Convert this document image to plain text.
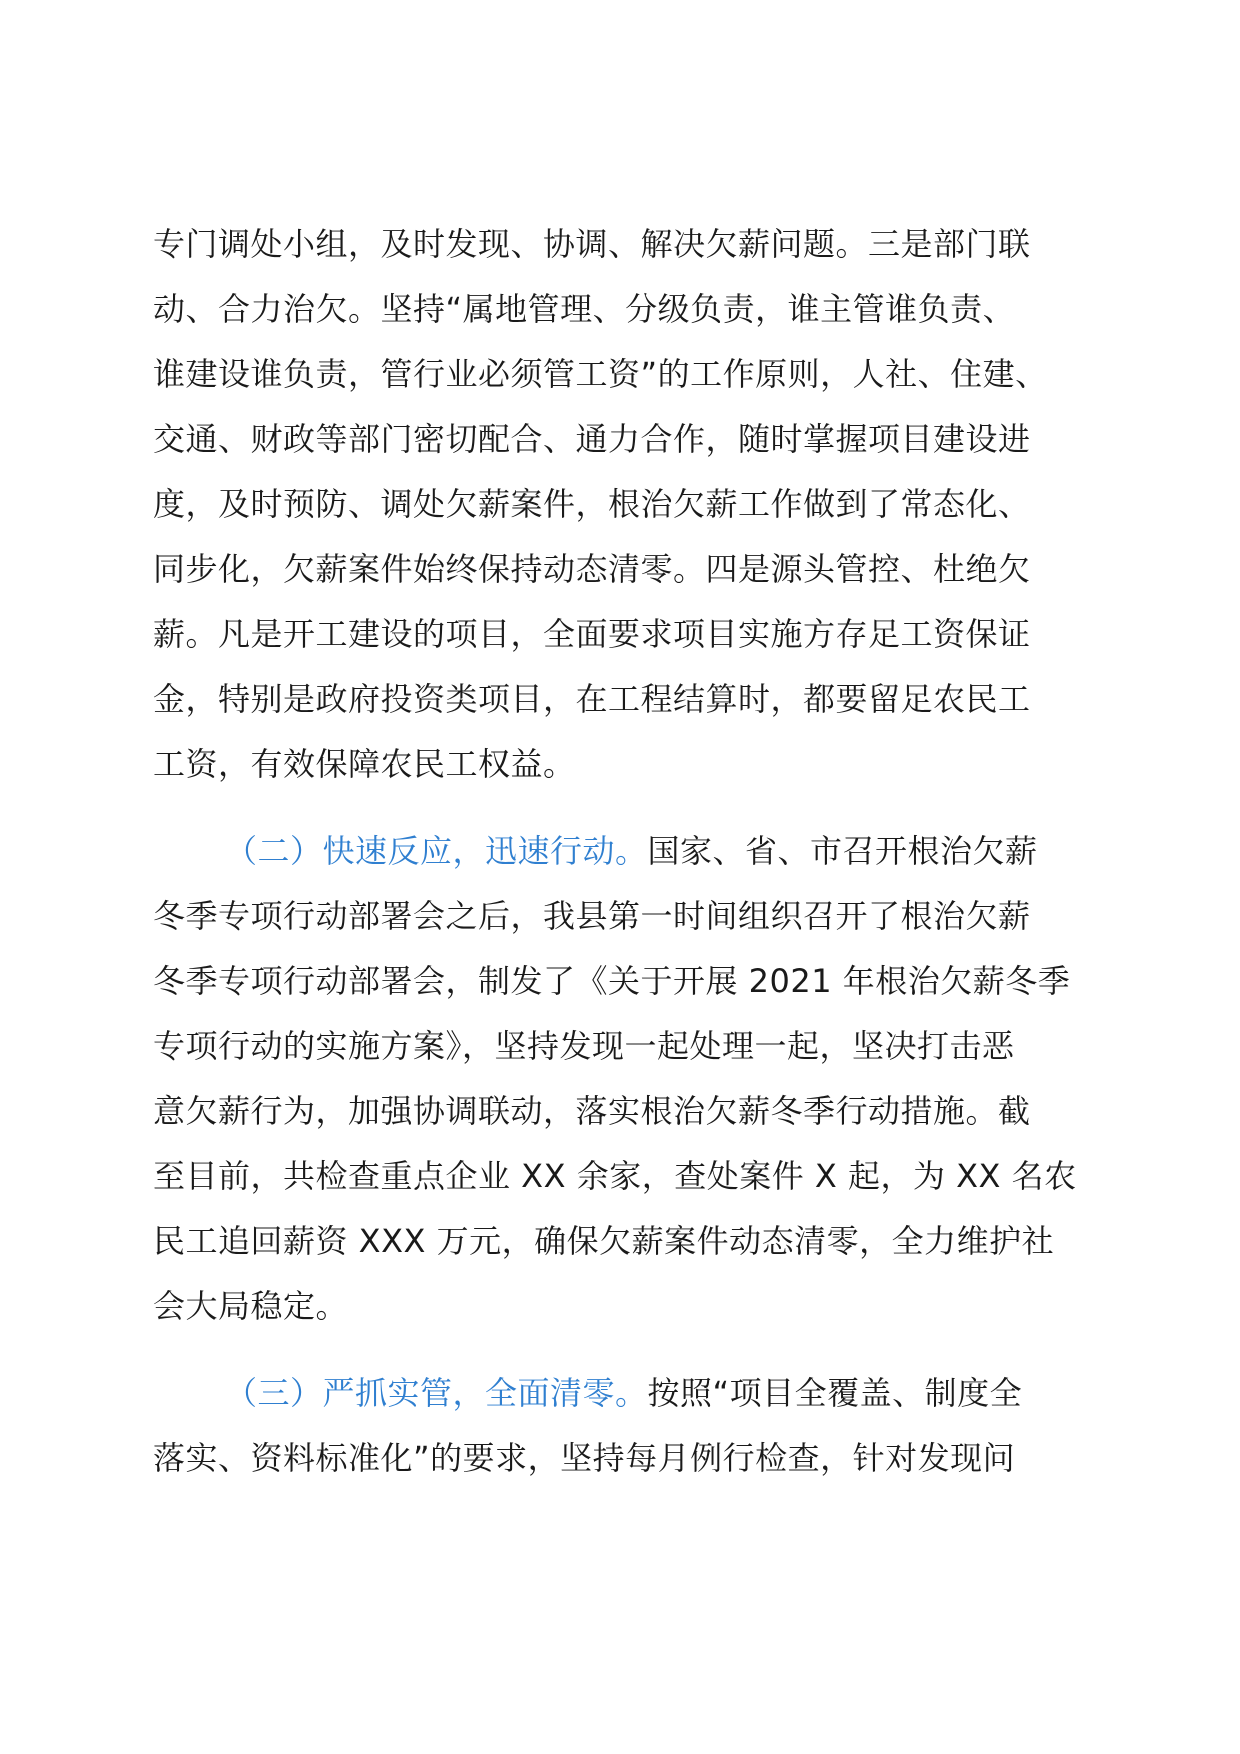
专门调处小组，及时发现、协调、解决欠薪问题。三是部门联
动、合力治欠。坚持“属地管理、分级负责，谁主管谁负责、
谁建设谁负责，管行业必须管工资”的工作原则，人社、住建、
交通、财政等部门密切配合、通力合作，随时掌握项目建设进
度，及时预防、调处欠薪案件，根治欠薪工作做到了常态化、
同步化，欠薪案件始终保持动态清零。四是源头管控、杜绝欠
薪。凡是开工建设的项目，全面要求项目实施方存足工资保证
金，特别是政府投资类项目，在工程结算时，都要留足农民工
工资，有效保障农民工权益。
（二）快速反应，迅速行动。国家、省、市召开根治欠薪
冬季专项行动部署会之后，我县第一时间组织召开了根治欠薪
冬季专项行动部署会，制发了《关于开展 2021 年根治欠薪冬季
专项行动的实施方案》，坚持发现一起处理一起，坚决打击恶
意欠薪行为，加强协调联动，落实根治欠薪冬季行动措施。截
至目前，共检查重点企业 XX 余家，查处案件 X 起，为 XX 名农
民工追回薪资 XXX 万元，确保欠薪案件动态清零，全力维护社
会大局稳定。
（三）严抓实管，全面清零。按照“项目全覆盖、制度全
落实、资料标准化”的要求，坚持每月例行检查，针对发现问
